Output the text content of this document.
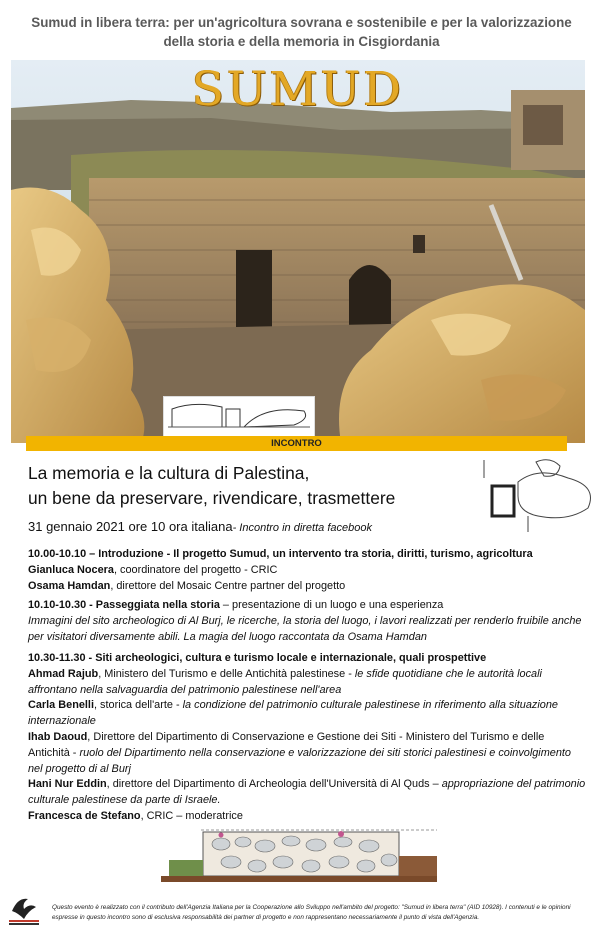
Sumud in libera terra: per un'agricoltura sovrana e sostenibile e per la valorizzazione
della storia e della memoria in Cisgiordania
SUMUD
INCONTRO
La memoria e la cultura di Palestina,
un bene da preservare, rivendicare, trasmettere
31 gennaio 2021 ore 10 ora italiana- Incontro in diretta facebook

10.00-10.10 – Introduzione - Il progetto Sumud, un intervento tra storia, diritti, turismo, agricoltura

Gianluca Nocera, coordinatore del progetto - CRIC

Osama Hamdan, direttore del Mosaic Centre partner del progetto

10.10-10.30 - Passeggiata nella storia – presentazione di un luogo e una esperienza

Immagini del sito archeologico di Al Burj, le ricerche, la storia del luogo, i lavori realizzati per renderlo fruibile anche per visitatori diversamente abili. La magia del luogo raccontata da Osama Hamdan

10.30-11.30 - Siti archeologici, cultura e turismo locale e internazionale, quali prospettive

Ahmad Rajub, Ministero del Turismo e delle Antichità palestinese - le sfide quotidiane che le autorità locali affrontano nella salvaguardia del patrimonio palestinese nell'area

Carla Benelli, storica dell'arte - la condizione del patrimonio culturale palestinese in riferimento alla situazione internazionale

Ihab Daoud, Direttore del Dipartimento di Conservazione e Gestione dei Siti - Ministero del Turismo e delle Antichità - ruolo del Dipartimento nella conservazione e valorizzazione dei siti storici palestinesi e coinvolgimento nel progetto di al Burj

Hani Nur Eddin, direttore del Dipartimento di Archeologia dell'Università di Al Quds – appropriazione del patrimonio culturale palestinese da parte di Israele.

Francesca de Stefano, CRIC – moderatrice

Questo evento è realizzato con il contributo dell'Agenzia Italiana per la Cooperazione allo Sviluppo nell'ambito del progetto: "Sumud in libera terra" (AID 10928). I contenuti e le opinioni espresse in questo incontro sono di esclusiva responsabilità dei partner di progetto e non rappresentano necessariamente il punto di vista dell'Agenzia.
